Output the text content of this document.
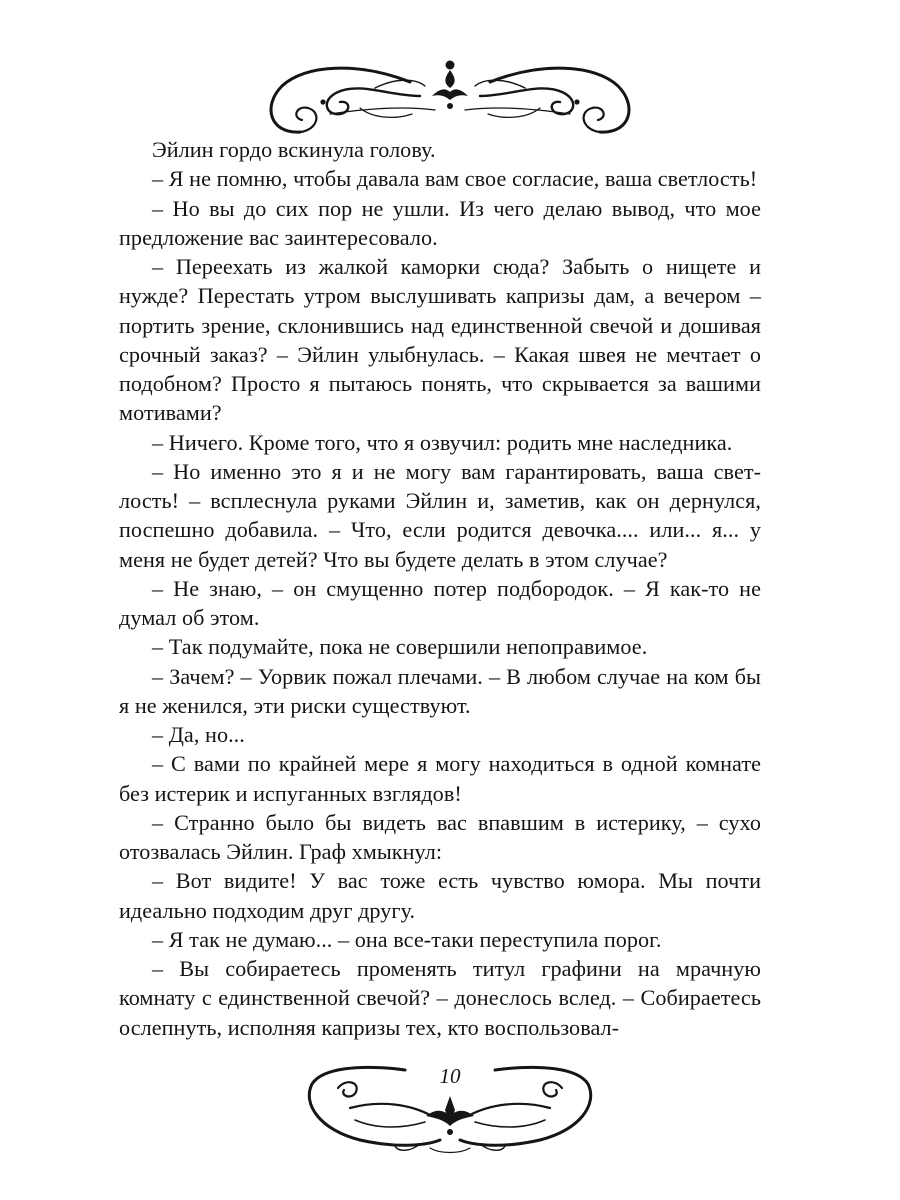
Эйлин гордо вскинула голову.

– Я не помню, чтобы давала вам свое согласие, ваша светлость!

– Но вы до сих пор не ушли. Из чего делаю вывод, что мое предложение вас заинтересовало.

– Переехать из жалкой каморки сюда? Забыть о нищете и нужде? Перестать утром выслушивать капризы дам, а вечером – портить зрение, склонившись над единственной свечой и дошивая срочный заказ? – Эйлин улыбнулась. – Какая швея не мечтает о подобном? Просто я пытаюсь понять, что скрывается за вашими мотивами?

– Ничего. Кроме того, что я озвучил: родить мне наследника.

– Но именно это я и не могу вам гарантировать, ваша светлость! – всплеснула руками Эйлин и, заметив, как он дернулся, поспешно добавила. – Что, если родится девочка.... или... я... у меня не будет детей? Что вы будете делать в этом случае?

– Не знаю, – он смущенно потер подбородок. – Я как-то не думал об этом.

– Так подумайте, пока не совершили непоправимое.

– Зачем? – Уорвик пожал плечами. – В любом случае на ком бы я не женился, эти риски существуют.

– Да, но...

– С вами по крайней мере я могу находиться в одной комнате без истерик и испуганных взглядов!

– Странно было бы видеть вас впавшим в истерику, – сухо отозвалась Эйлин. Граф хмыкнул:

– Вот видите! У вас тоже есть чувство юмора. Мы почти идеально подходим друг другу.

– Я так не думаю... – она все-таки переступила порог.

– Вы собираетесь променять титул графини на мрачную комнату с единственной свечой? – донеслось вслед. – Собираетесь ослепнуть, исполняя капризы тех, кто воспользовал-

10
